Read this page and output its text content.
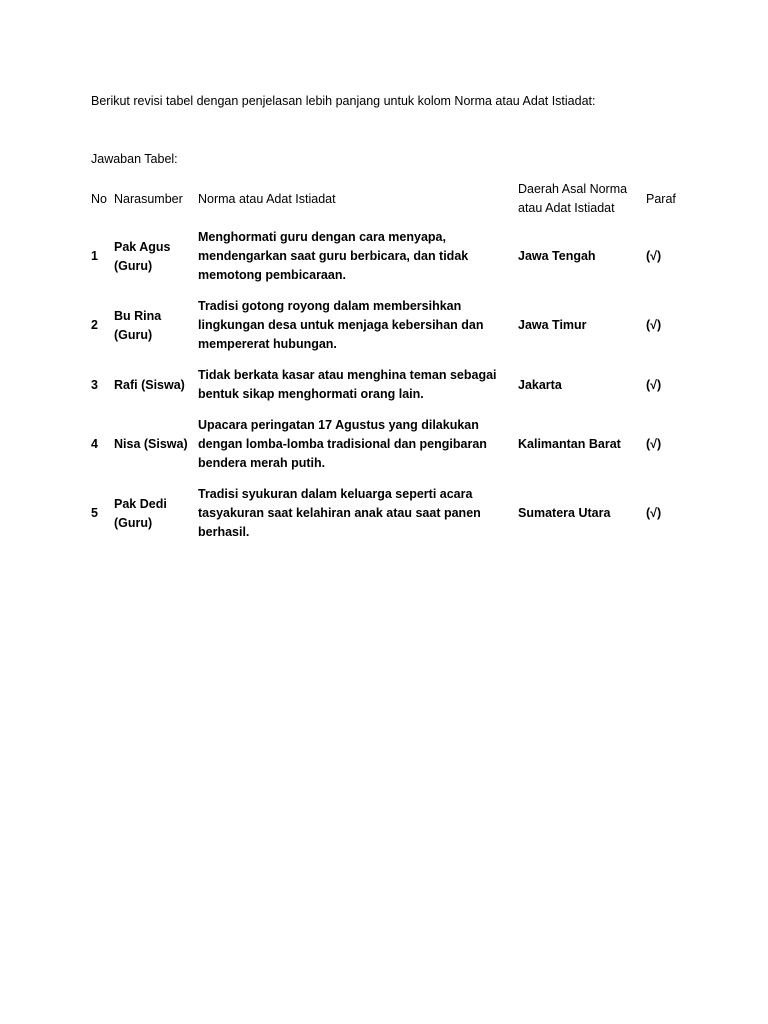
Berikut revisi tabel dengan penjelasan lebih panjang untuk kolom Norma atau Adat Istiadat:
Jawaban Tabel:
No	Narasumber	Norma atau Adat Istiadat	Daerah Asal Norma atau Adat Istiadat	Paraf
1	Pak Agus (Guru)	Menghormati guru dengan cara menyapa, mendengarkan saat guru berbicara, dan tidak memotong pembicaraan.	Jawa Tengah	(√)
2	Bu Rina (Guru)	Tradisi gotong royong dalam membersihkan lingkungan desa untuk menjaga kebersihan dan mempererat hubungan.	Jawa Timur	(√)
3	Rafi (Siswa)	Tidak berkata kasar atau menghina teman sebagai bentuk sikap menghormati orang lain.	Jakarta	(√)
4	Nisa (Siswa)	Upacara peringatan 17 Agustus yang dilakukan dengan lomba-lomba tradisional dan pengibaran bendera merah putih.	Kalimantan Barat	(√)
5	Pak Dedi (Guru)	Tradisi syukuran dalam keluarga seperti acara tasyakuran saat kelahiran anak atau saat panen berhasil.	Sumatera Utara	(√)
